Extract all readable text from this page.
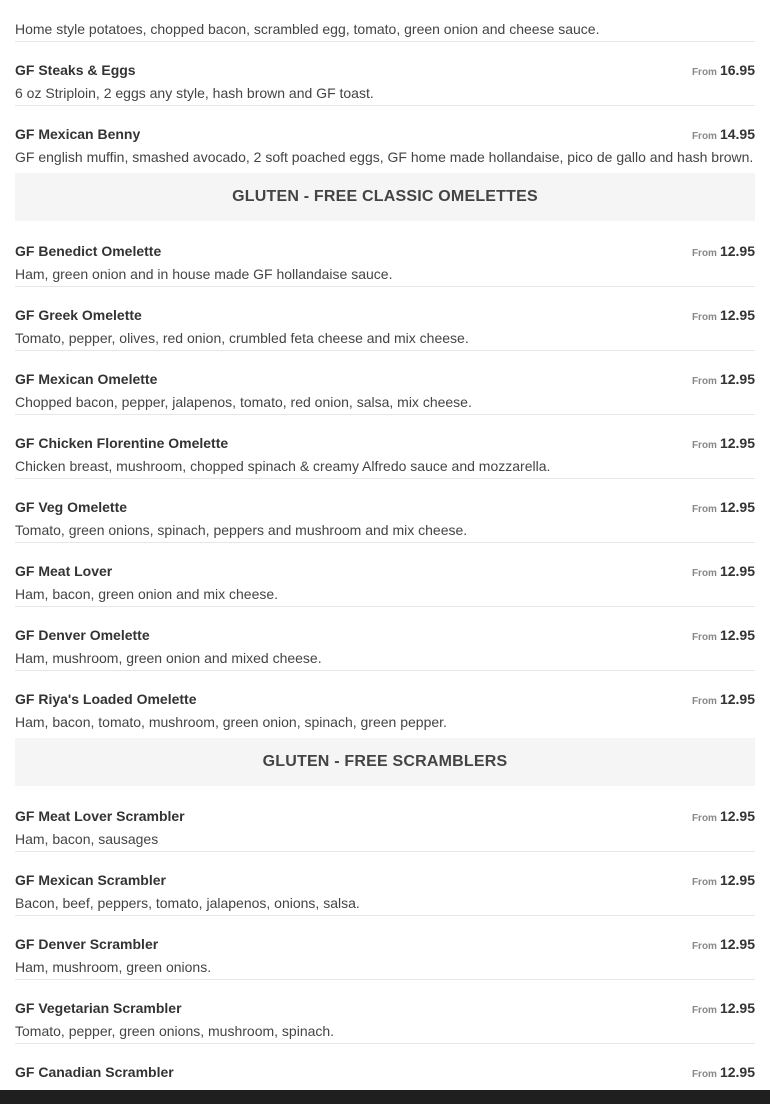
Home style potatoes, chopped bacon, scrambled egg, tomato, green onion and cheese sauce.
GF Steaks & Eggs
6 oz Striploin, 2 eggs any style, hash brown and GF toast.
From 16.95
GF Mexican Benny
GF english muffin, smashed avocado, 2 soft poached eggs, GF home made hollandaise, pico de gallo and hash brown.
From 14.95
GLUTEN - FREE CLASSIC OMELETTES
GF Benedict Omelette
Ham, green onion and in house made GF hollandaise sauce.
From 12.95
GF Greek Omelette
Tomato, pepper, olives, red onion, crumbled feta cheese and mix cheese.
From 12.95
GF Mexican Omelette
Chopped bacon, pepper, jalapenos, tomato, red onion, salsa, mix cheese.
From 12.95
GF Chicken Florentine Omelette
Chicken breast, mushroom, chopped spinach & creamy Alfredo sauce and mozzarella.
From 12.95
GF Veg Omelette
Tomato, green onions, spinach, peppers and mushroom and mix cheese.
From 12.95
GF Meat Lover
Ham, bacon, green onion and mix cheese.
From 12.95
GF Denver Omelette
Ham, mushroom, green onion and mixed cheese.
From 12.95
GF Riya's Loaded Omelette
Ham, bacon, tomato, mushroom, green onion, spinach, green pepper.
From 12.95
GLUTEN - FREE SCRAMBLERS
GF Meat Lover Scrambler
Ham, bacon, sausages
From 12.95
GF Mexican Scrambler
Bacon, beef, peppers, tomato, jalapenos, onions, salsa.
From 12.95
GF Denver Scrambler
Ham, mushroom, green onions.
From 12.95
GF Vegetarian Scrambler
Tomato, pepper, green onions, mushroom, spinach.
From 12.95
GF Canadian Scrambler	From 12.95
